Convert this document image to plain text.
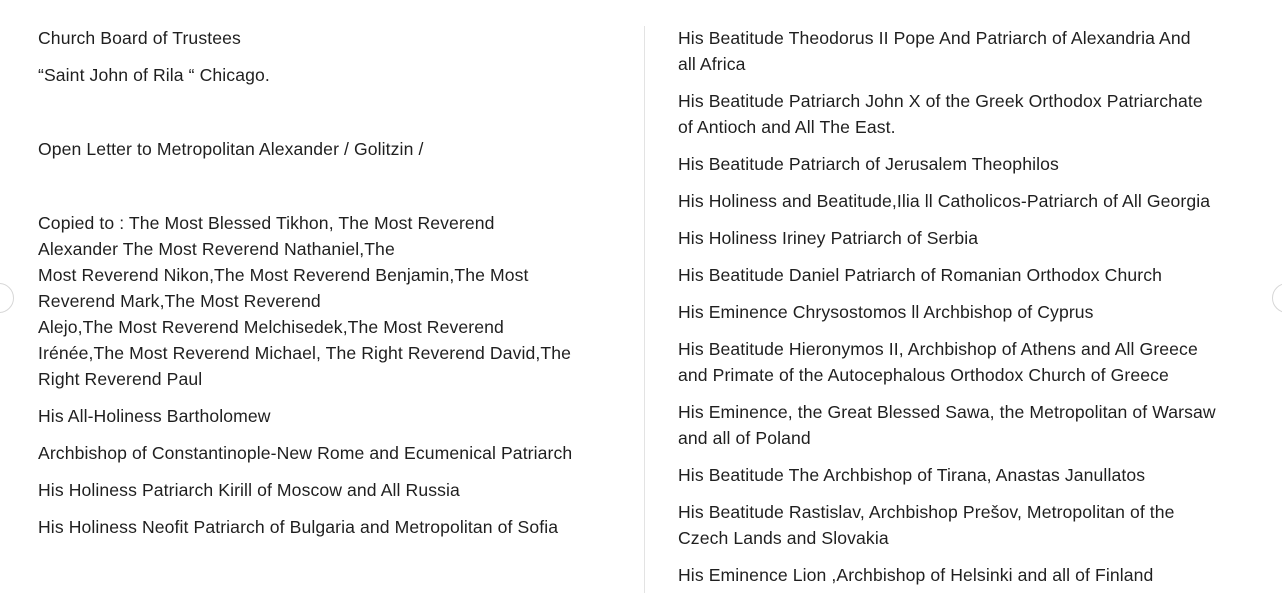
Church Board of Trustees

“Saint John of Rila “ Chicago.

Open Letter to Metropolitan Alexander / Golitzin /

Copied to : The Most Blessed Tikhon, The Most Reverend

Alexander The Most Reverend Nathaniel,The

Most Reverend Nikon,The Most Reverend Benjamin,The Most

Reverend Mark,The Most Reverend

Alejo,The Most Reverend Melchisedek,The Most Reverend

Irénée,The Most Reverend Michael, The Right Reverend David,The

Right Reverend Paul

His All-Holiness Bartholomew

Archbishop of Constantinople-New Rome and Ecumenical Patriarch

His Holiness Patriarch Kirill of Moscow and All Russia

His Holiness Neofit Patriarch of Bulgaria and Metropolitan of Sofia

His Beatitude Theodorus II Pope And Patriarch of Alexandria And

all Africa

His Beatitude Patriarch John X of the Greek Orthodox Patriarchate

of Antioch and All The East.

His Beatitude Patriarch of Jerusalem Theophilos

His Holiness and Beatitude,Ilia ll Catholicos-Patriarch of All Georgia

His Holiness Iriney Patriarch of Serbia

His Beatitude Daniel Patriarch of Romanian Orthodox Church

His Eminence Chrysostomos ll Archbishop of Cyprus

His Beatitude Hieronymos II, Archbishop of Athens and All Greece

and Primate of the Autocephalous Orthodox Church of Greece

His Eminence, the Great Blessed Sawa, the Metropolitan of Warsaw

and all of Poland

His Beatitude The Archbishop of Tirana, Anastas Janullatos

His Beatitude Rastislav, Archbishop Prešov, Metropolitan of the

Czech Lands and Slovakia

His Eminence Lion ,Archbishop of Helsinki and all of Finland
